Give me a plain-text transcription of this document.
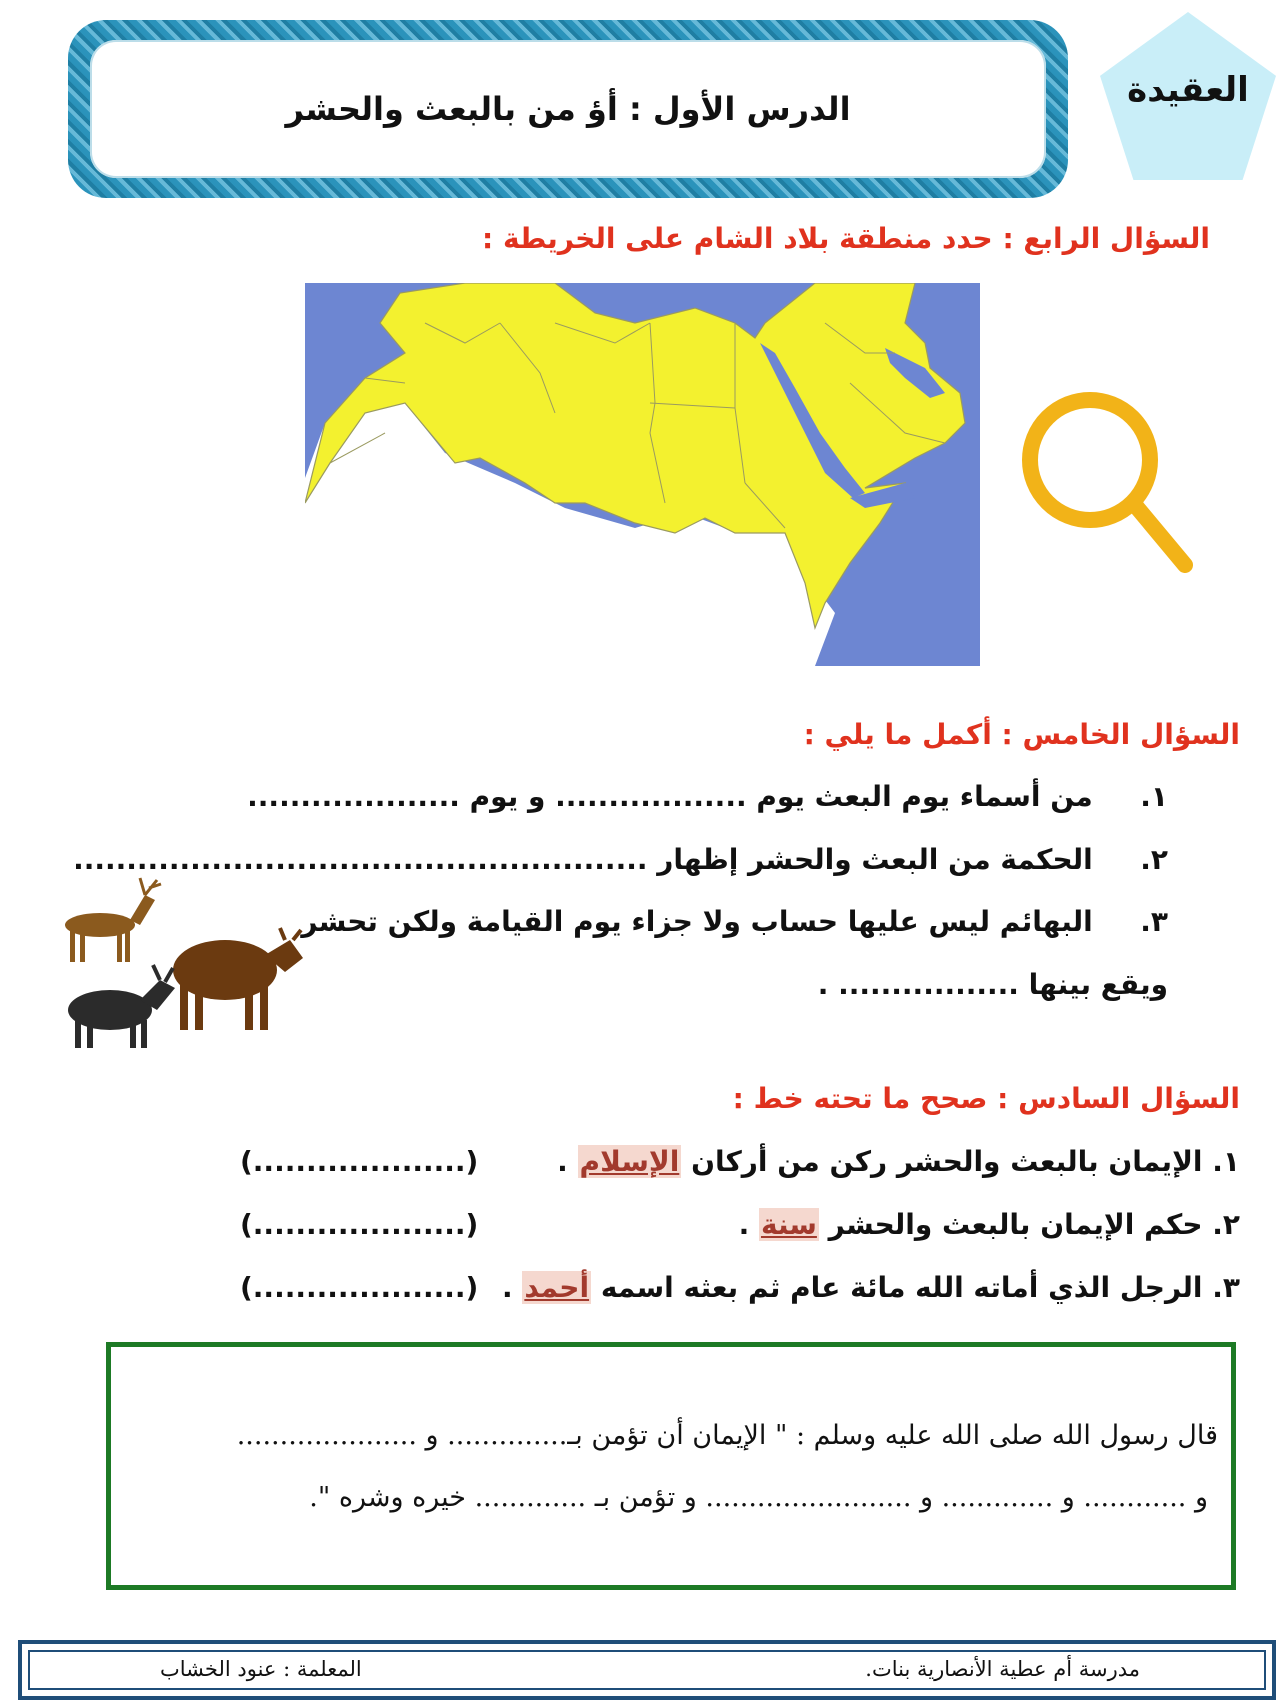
الدرس الأول : أؤ من بالبعث والحشر	العقيدة
السؤال الرابع : حدد منطقة بلاد الشام على الخريطة :
السؤال الخامس : أكمل ما يلي :
١.  من أسماء يوم البعث يوم .................. و يوم ....................
٢.  الحكمة من البعث والحشر إظهار ......................................................
٣.  البهائم ليس عليها حساب ولا جزاء يوم القيامة ولكن تحشر
ويقع بينها ................. .
السؤال السادس : صحح ما تحته خط :
١. الإيمان بالبعث والحشر ركن من أركان الإسلام .
(....................)
٢. حكم الإيمان بالبعث والحشر سنة .
(....................)
٣. الرجل الذي أماته الله مائة عام ثم بعثه اسمه أحمد .
(....................)
قال رسول الله صلى الله عليه وسلم : " الإيمان أن تؤمن بـ.............. و .....................
و ............ و ............. و ........................ و تؤمن بـ ............. خيره وشره ".
مدرسة أم عطية الأنصارية بنات.
المعلمة : عنود الخشاب
